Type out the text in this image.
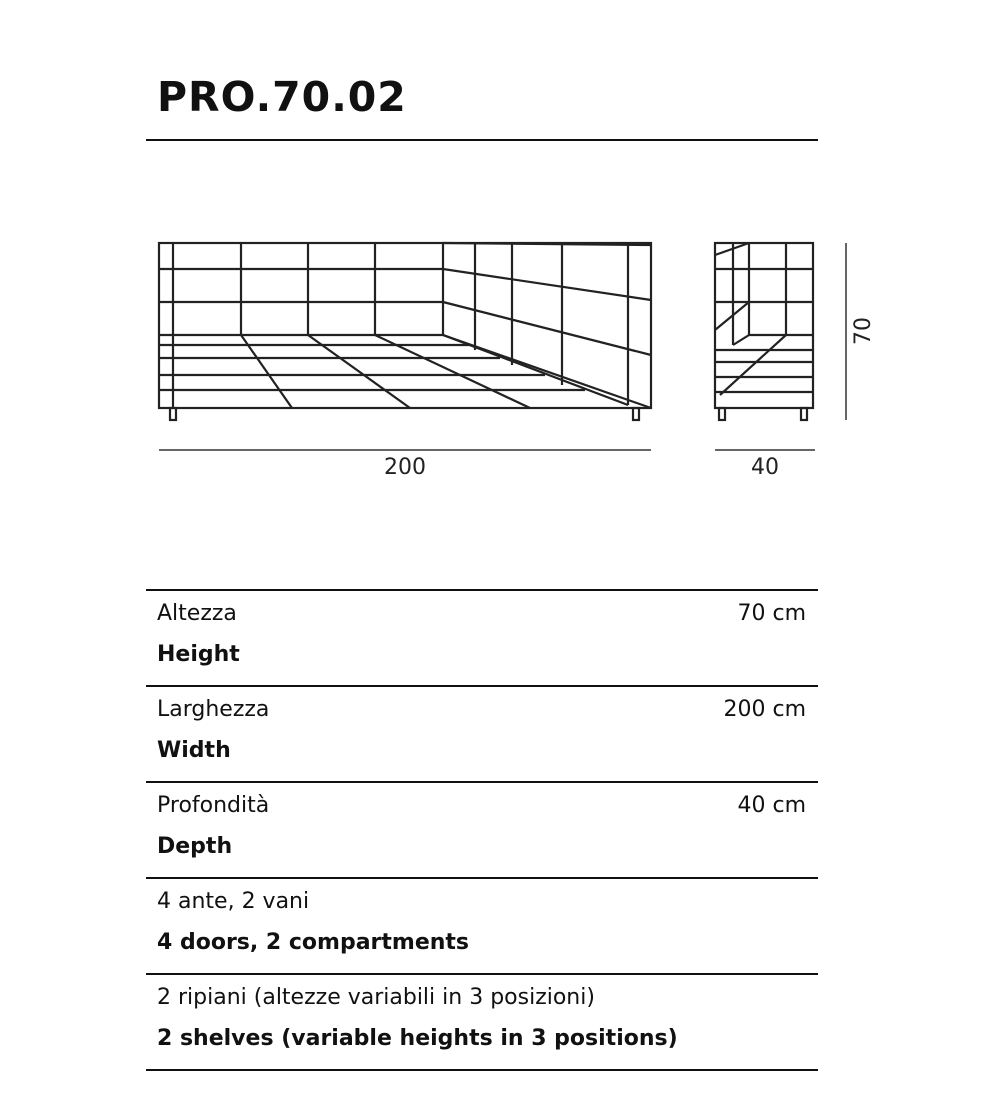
PRO.70.02
200	40
70
Altezza
Height
70 cm
Larghezza
Width
200 cm
Profondità
Depth
40 cm
4 ante, 2 vani
4 doors, 2 compartments
2 ripiani (altezze variabili in 3 posizioni)
2 shelves (variable heights in 3 positions)
